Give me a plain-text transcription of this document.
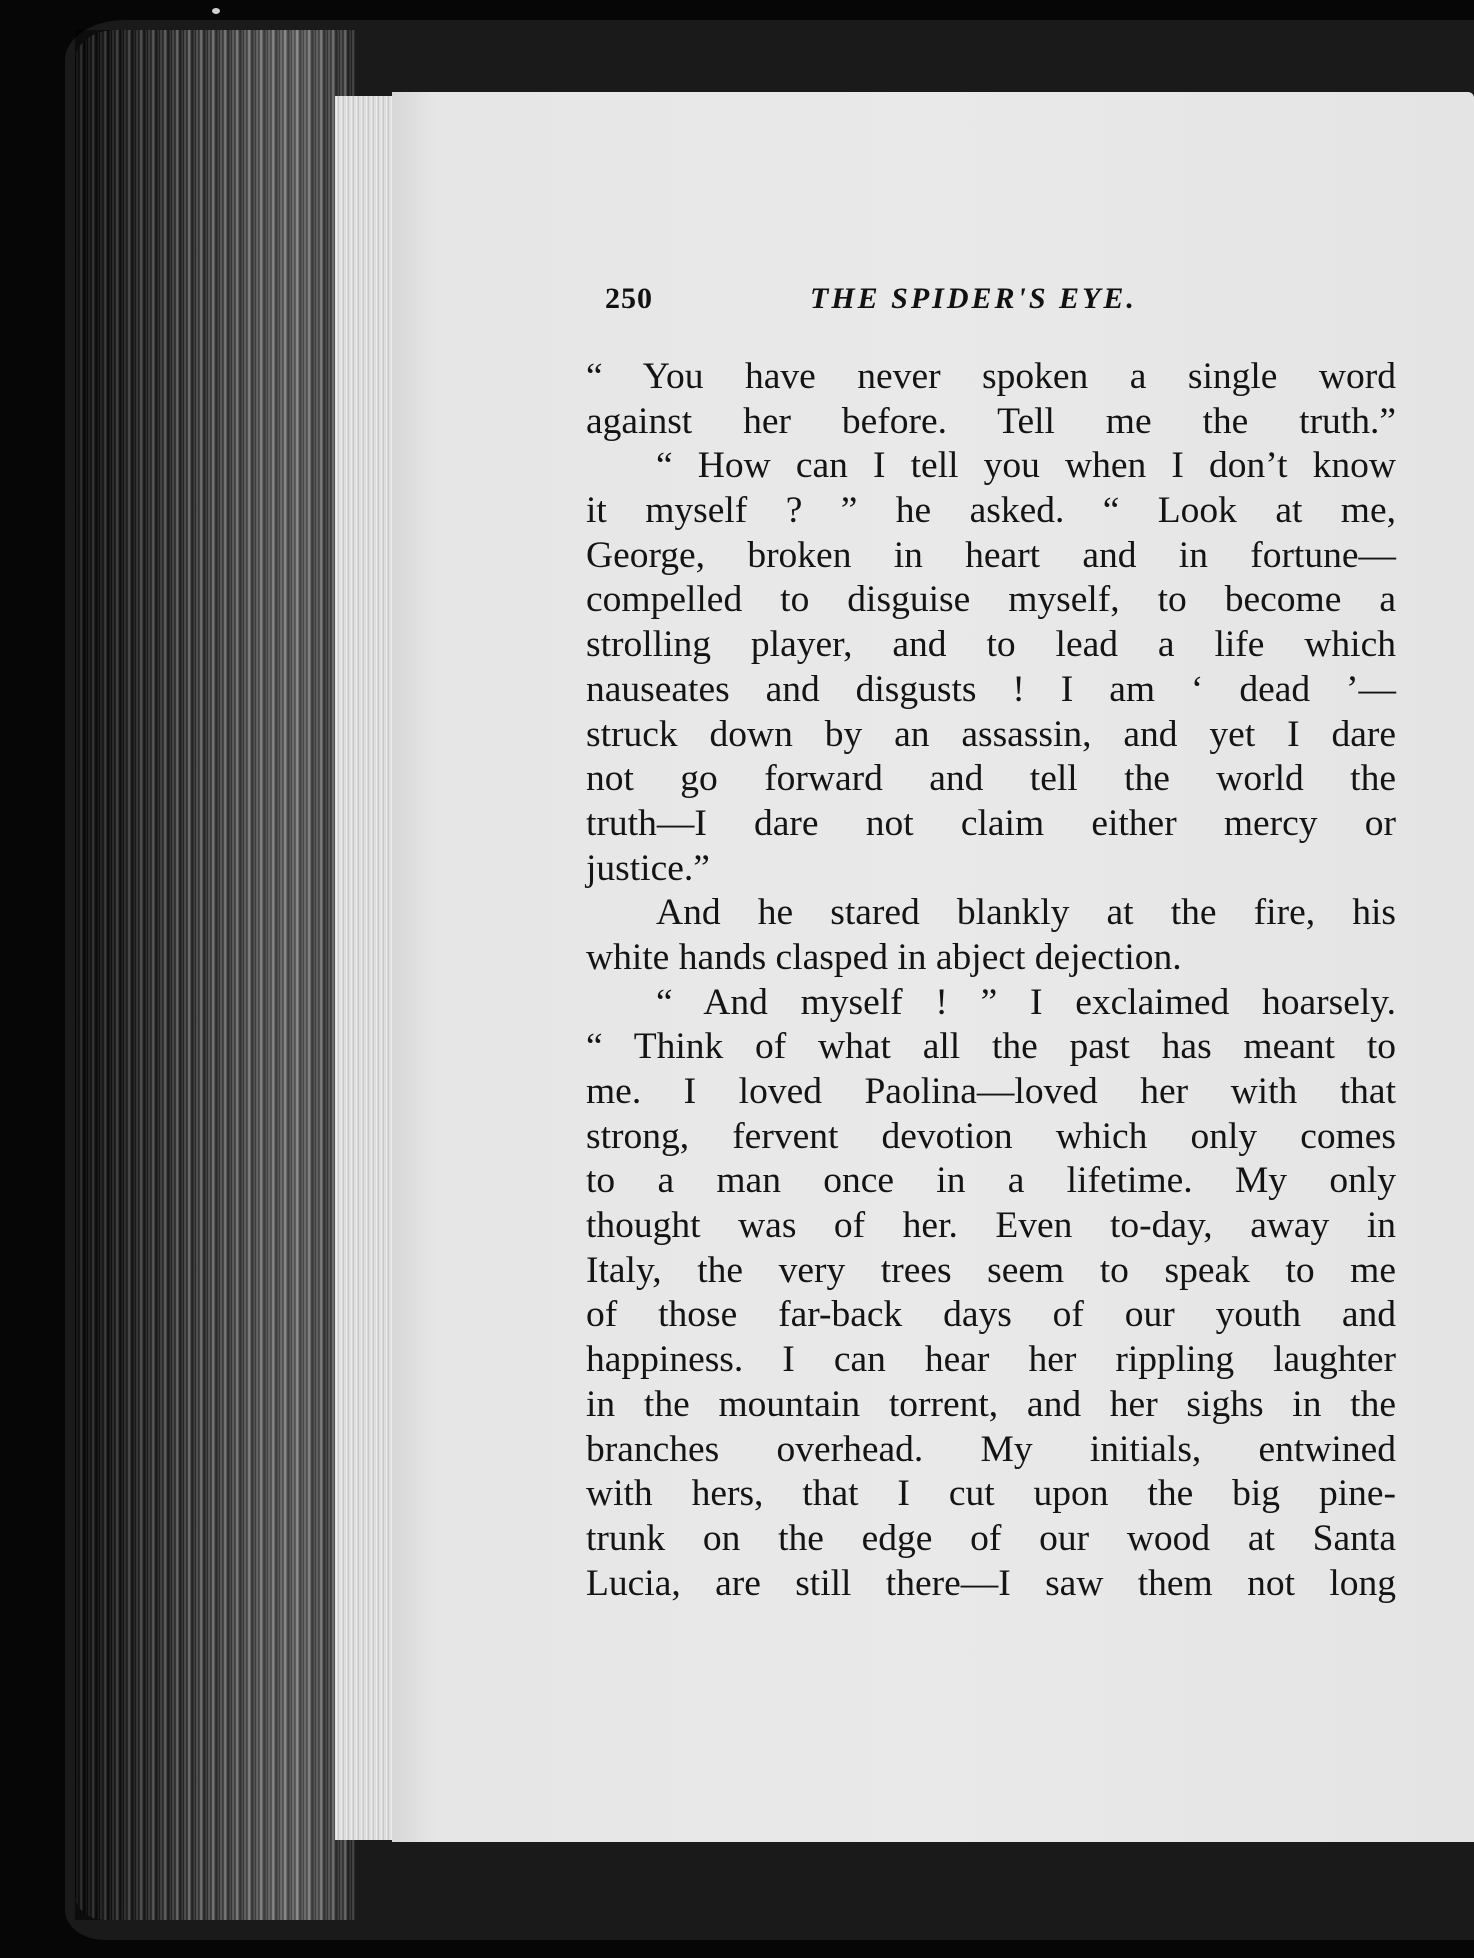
250	THE SPIDER'S EYE.
“ You have never spoken a single word
against her before. Tell me the truth.”
“ How can I tell you when I don’t know
it myself ? ” he asked. “ Look at me,
George, broken in heart and in fortune—
compelled to disguise myself, to become a
strolling player, and to lead a life which
nauseates and disgusts ! I am ‘ dead ’—
struck down by an assassin, and yet I dare
not go forward and tell the world the
truth—I dare not claim either mercy or
justice.”
And he stared blankly at the fire, his
white hands clasped in abject dejection.
“ And myself ! ” I exclaimed hoarsely.
“ Think of what all the past has meant to
me. I loved Paolina—loved her with that
strong, fervent devotion which only comes
to a man once in a lifetime. My only
thought was of her. Even to-day, away in
Italy, the very trees seem to speak to me
of those far-back days of our youth and
happiness. I can hear her rippling laughter
in the mountain torrent, and her sighs in the
branches overhead. My initials, entwined
with hers, that I cut upon the big pine-
trunk on the edge of our wood at Santa
Lucia, are still there—I saw them not long
